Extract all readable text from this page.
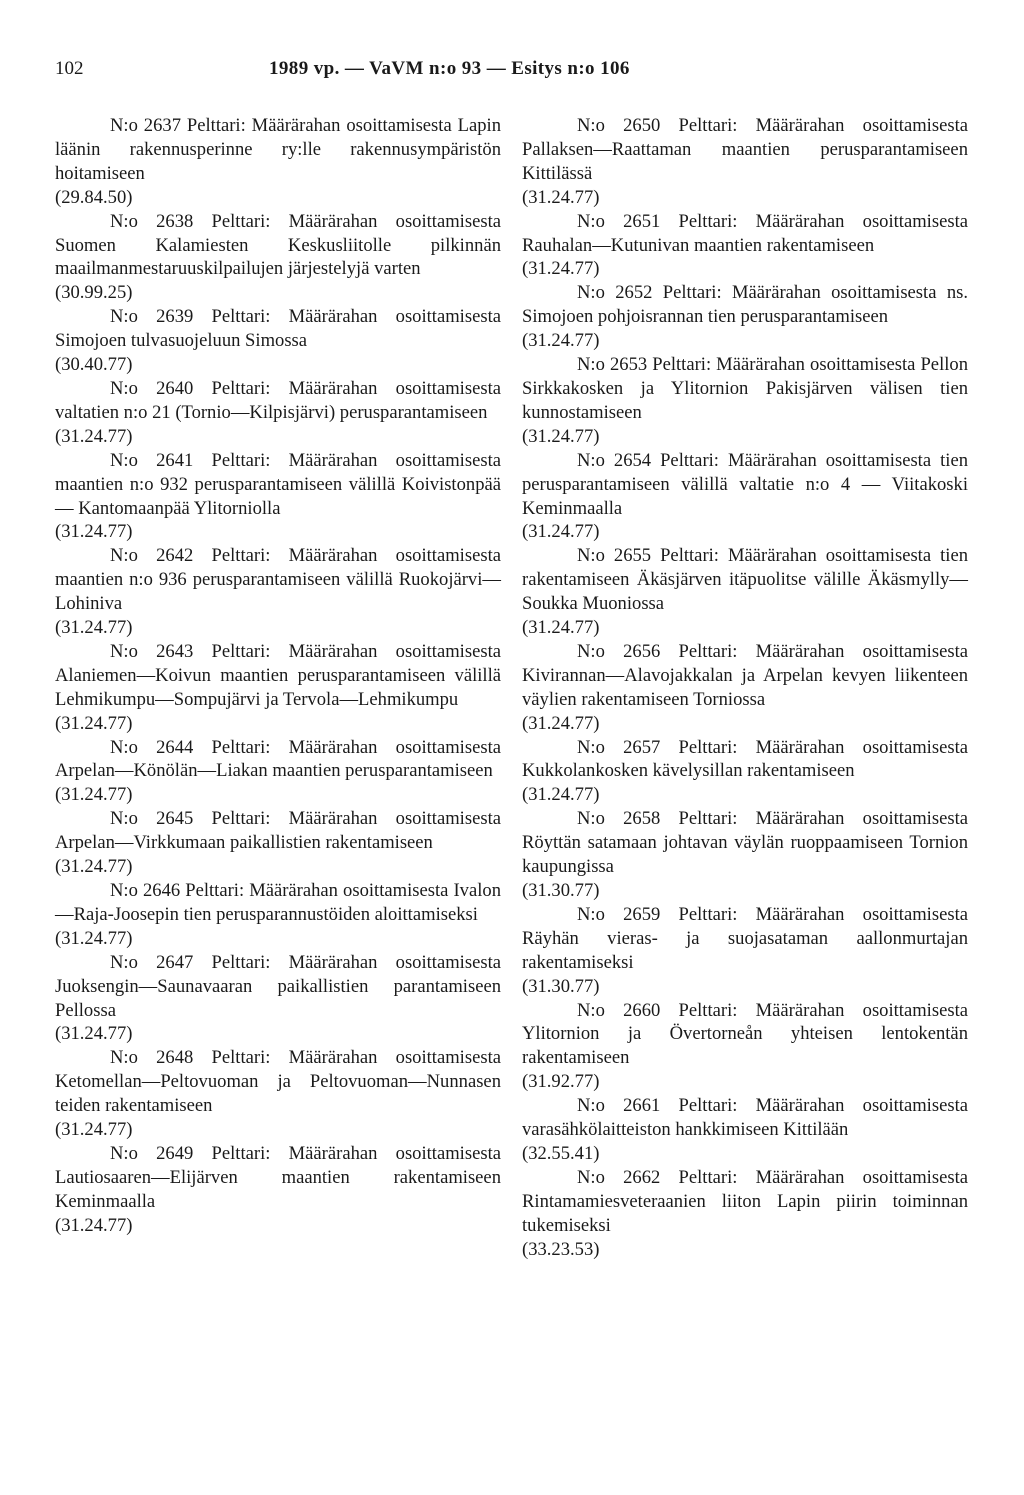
102	1989 vp. — VaVM n:o 93 — Esitys n:o 106
N:o 2637 Pelttari: Määrärahan osoittamisesta Lapin läänin rakennusperinne ry:lle rakennusympäristön hoitamiseen
(29.84.50)
N:o 2638 Pelttari: Määrärahan osoittamisesta Suomen Kalamiesten Keskusliitolle pilkinnän maailmanmestaruuskilpailujen järjestelyjä varten
(30.99.25)
N:o 2639 Pelttari: Määrärahan osoittamisesta Simojoen tulvasuojeluun Simossa
(30.40.77)
N:o 2640 Pelttari: Määrärahan osoittamisesta valtatien n:o 21 (Tornio—Kilpisjärvi) perusparantamiseen
(31.24.77)
N:o 2641 Pelttari: Määrärahan osoittamisesta maantien n:o 932 perusparantamiseen välillä Koivistonpää — Kantomaanpää Ylitorniolla
(31.24.77)
N:o 2642 Pelttari: Määrärahan osoittamisesta maantien n:o 936 perusparantamiseen välillä Ruokojärvi—Lohiniva
(31.24.77)
N:o 2643 Pelttari: Määrärahan osoittamisesta Alaniemen—Koivun maantien perusparantamiseen välillä Lehmikumpu—Sompujärvi ja Tervola—Lehmikumpu
(31.24.77)
N:o 2644 Pelttari: Määrärahan osoittamisesta Arpelan—Könölän—Liakan maantien perusparantamiseen
(31.24.77)
N:o 2645 Pelttari: Määrärahan osoittamisesta Arpelan—Virkkumaan paikallistien rakentamiseen
(31.24.77)
N:o 2646 Pelttari: Määrärahan osoittamisesta Ivalon—Raja-Joosepin tien perusparannustöiden aloittamiseksi
(31.24.77)
N:o 2647 Pelttari: Määrärahan osoittamisesta Juoksengin—Saunavaaran paikallistien parantamiseen Pellossa
(31.24.77)
N:o 2648 Pelttari: Määrärahan osoittamisesta Ketomellan—Peltovuoman ja Peltovuoman—Nunnasen teiden rakentamiseen
(31.24.77)
N:o 2649 Pelttari: Määrärahan osoittamisesta Lautiosaaren—Elijärven maantien rakentamiseen Keminmaalla
(31.24.77)
N:o 2650 Pelttari: Määrärahan osoittamisesta Pallaksen—Raattaman maantien perusparantamiseen Kittilässä
(31.24.77)
N:o 2651 Pelttari: Määrärahan osoittamisesta Rauhalan—Kutunivan maantien rakentamiseen
(31.24.77)
N:o 2652 Pelttari: Määrärahan osoittamisesta ns. Simojoen pohjoisrannan tien perusparantamiseen
(31.24.77)
N:o 2653 Pelttari: Määrärahan osoittamisesta Pellon Sirkkakosken ja Ylitornion Pakisjärven välisen tien kunnostamiseen
(31.24.77)
N:o 2654 Pelttari: Määrärahan osoittamisesta tien perusparantamiseen välillä valtatie n:o 4 — Viitakoski Keminmaalla
(31.24.77)
N:o 2655 Pelttari: Määrärahan osoittamisesta tien rakentamiseen Äkäsjärven itäpuolitse välille Äkäsmylly—Soukka Muoniossa
(31.24.77)
N:o 2656 Pelttari: Määrärahan osoittamisesta Kivirannan—Alavojakkalan ja Arpelan kevyen liikenteen väylien rakentamiseen Torniossa
(31.24.77)
N:o 2657 Pelttari: Määrärahan osoittamisesta Kukkolankosken kävelysillan rakentamiseen
(31.24.77)
N:o 2658 Pelttari: Määrärahan osoittamisesta Röyttän satamaan johtavan väylän ruoppaamiseen Tornion kaupungissa
(31.30.77)
N:o 2659 Pelttari: Määrärahan osoittamisesta Räyhän vieras- ja suojasataman aallonmurtajan rakentamiseksi
(31.30.77)
N:o 2660 Pelttari: Määrärahan osoittamisesta Ylitornion ja Övertorneån yhteisen lentokentän rakentamiseen
(31.92.77)
N:o 2661 Pelttari: Määrärahan osoittamisesta varasähkölaitteiston hankkimiseen Kittilään
(32.55.41)
N:o 2662 Pelttari: Määrärahan osoittamisesta Rintamamiesveteraanien liiton Lapin piirin toiminnan tukemiseksi
(33.23.53)
